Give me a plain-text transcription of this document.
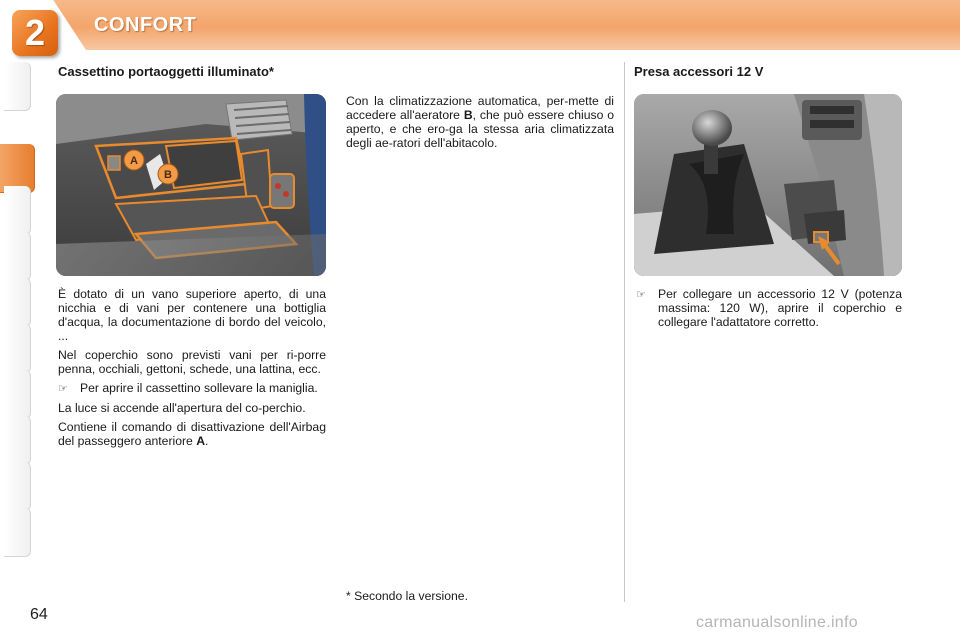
2	CONFORT
Cassettino portaoggetti illuminato*
A
B

È dotato di un vano superiore aperto, di una nicchia e di vani per contenere una bottiglia d'acqua, la documentazione di bordo del veicolo, ...

Nel coperchio sono previsti vani per ri-porre penna, occhiali, gettoni, schede, una lattina, ecc.

☞ Per aprire il cassettino sollevare la maniglia.

La luce si accende all'apertura del co-perchio.

Contiene il comando di disattivazione dell'Airbag del passeggero anteriore A.

Con la climatizzazione automatica, per-mette di accedere all'aeratore B, che può essere chiuso o aperto, e che ero-ga la stessa aria climatizzata degli ae-ratori dell'abitacolo.

Presa accessori 12 V
☞ Per collegare un accessorio 12 V (potenza massima: 120 W), aprire il coperchio e collegare l'adattatore corretto.
* Secondo la versione.
64	carmanualsonline.info
